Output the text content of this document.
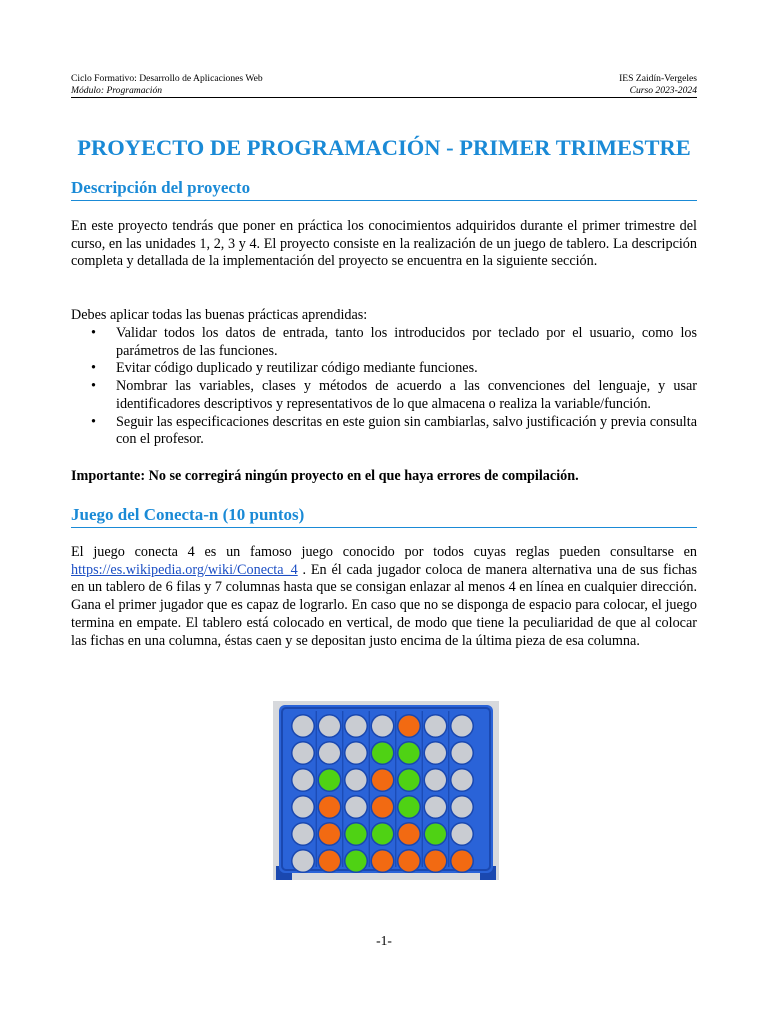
Ciclo Formativo: Desarrollo de Aplicaciones Web	IES Zaidín-Vergeles
Módulo: Programación	Curso 2023-2024
PROYECTO DE PROGRAMACIÓN - PRIMER TRIMESTRE
Descripción del proyecto

En este proyecto tendrás que poner en práctica los conocimientos adquiridos durante el primer trimestre del curso, en las unidades 1, 2, 3 y 4. El proyecto consiste en la realización de un juego de tablero. La descripción completa y detallada de la implementación del proyecto se encuentra en la siguiente sección.

Debes aplicar todas las buenas prácticas aprendidas:

• Validar todos los datos de entrada, tanto los introducidos por teclado por el usuario, como los parámetros de las funciones.
• Evitar código duplicado y reutilizar código mediante funciones.
• Nombrar las variables, clases y métodos de acuerdo a las convenciones del lenguaje, y usar identificadores descriptivos y representativos de lo que almacena o realiza la variable/función.
• Seguir las especificaciones descritas en este guion sin cambiarlas, salvo justificación y previa consulta con el profesor.

Importante: No se corregirá ningún proyecto en el que haya errores de compilación.

Juego del Conecta-n (10 puntos)

El juego conecta 4 es un famoso juego conocido por todos cuyas reglas pueden consultarse en https://es.wikipedia.org/wiki/Conecta_4 . En él cada jugador coloca de manera alternativa una de sus fichas en un tablero de 6 filas y 7 columnas hasta que se consigan enlazar al menos 4 en línea en cualquier dirección. Gana el primer jugador que es capaz de lograrlo. En caso que no se disponga de espacio para colocar, el juego termina en empate. El tablero está colocado en vertical, de modo que tiene la peculiaridad de que al colocar las fichas en una columna, éstas caen y se depositan justo encima de la última pieza de esa columna.

-1-
